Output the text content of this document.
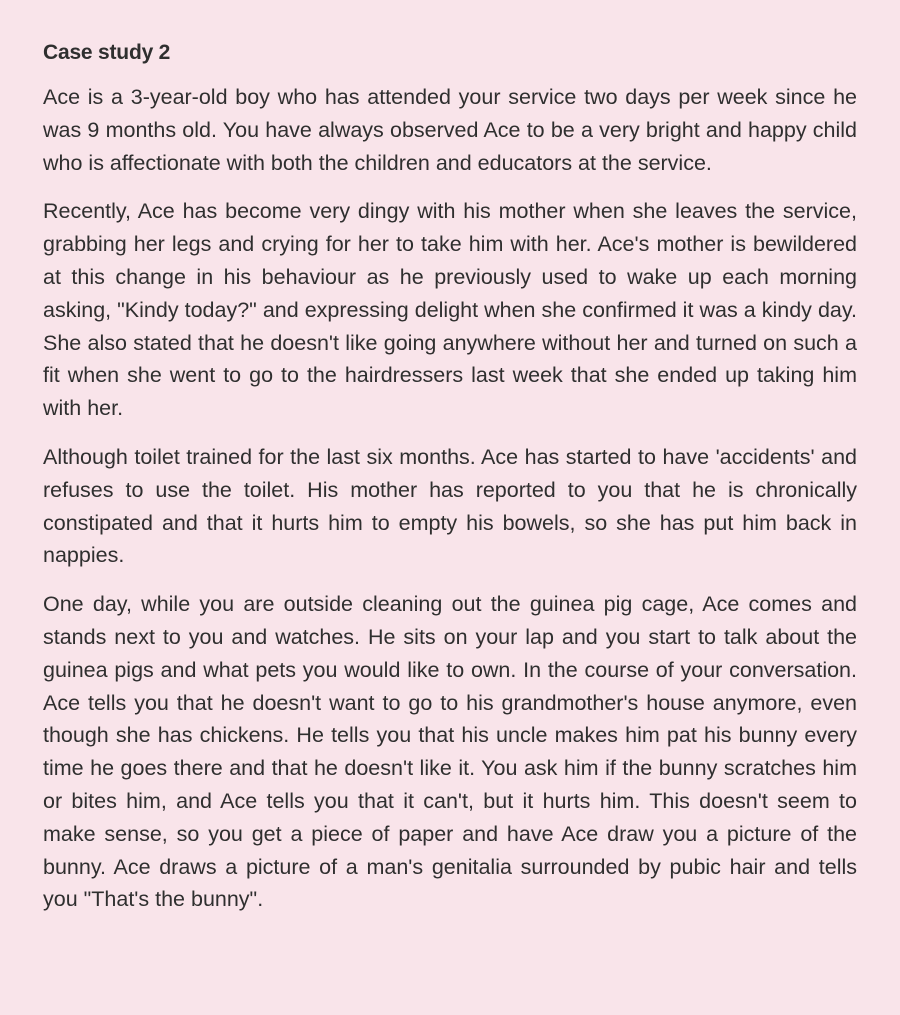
Case study 2

Ace is a 3-year-old boy who has attended your service two days per week since he was 9 months old. You have always observed Ace to be a very bright and happy child who is affectionate with both the children and educators at the service.

Recently, Ace has become very dingy with his mother when she leaves the service, grabbing her legs and crying for her to take him with her. Ace's mother is bewildered at this change in his behaviour as he previously used to wake up each morning asking, "Kindy today?" and expressing delight when she confirmed it was a kindy day. She also stated that he doesn't like going anywhere without her and turned on such a fit when she went to go to the hairdressers last week that she ended up taking him with her.

Although toilet trained for the last six months. Ace has started to have 'accidents' and refuses to use the toilet. His mother has reported to you that he is chronically constipated and that it hurts him to empty his bowels, so she has put him back in nappies.

One day, while you are outside cleaning out the guinea pig cage, Ace comes and stands next to you and watches. He sits on your lap and you start to talk about the guinea pigs and what pets you would like to own. In the course of your conversation. Ace tells you that he doesn't want to go to his grandmother's house anymore, even though she has chickens. He tells you that his uncle makes him pat his bunny every time he goes there and that he doesn't like it. You ask him if the bunny scratches him or bites him, and Ace tells you that it can't, but it hurts him. This doesn't seem to make sense, so you get a piece of paper and have Ace draw you a picture of the bunny. Ace draws a picture of a man's genitalia surrounded by pubic hair and tells you "That's the bunny".
